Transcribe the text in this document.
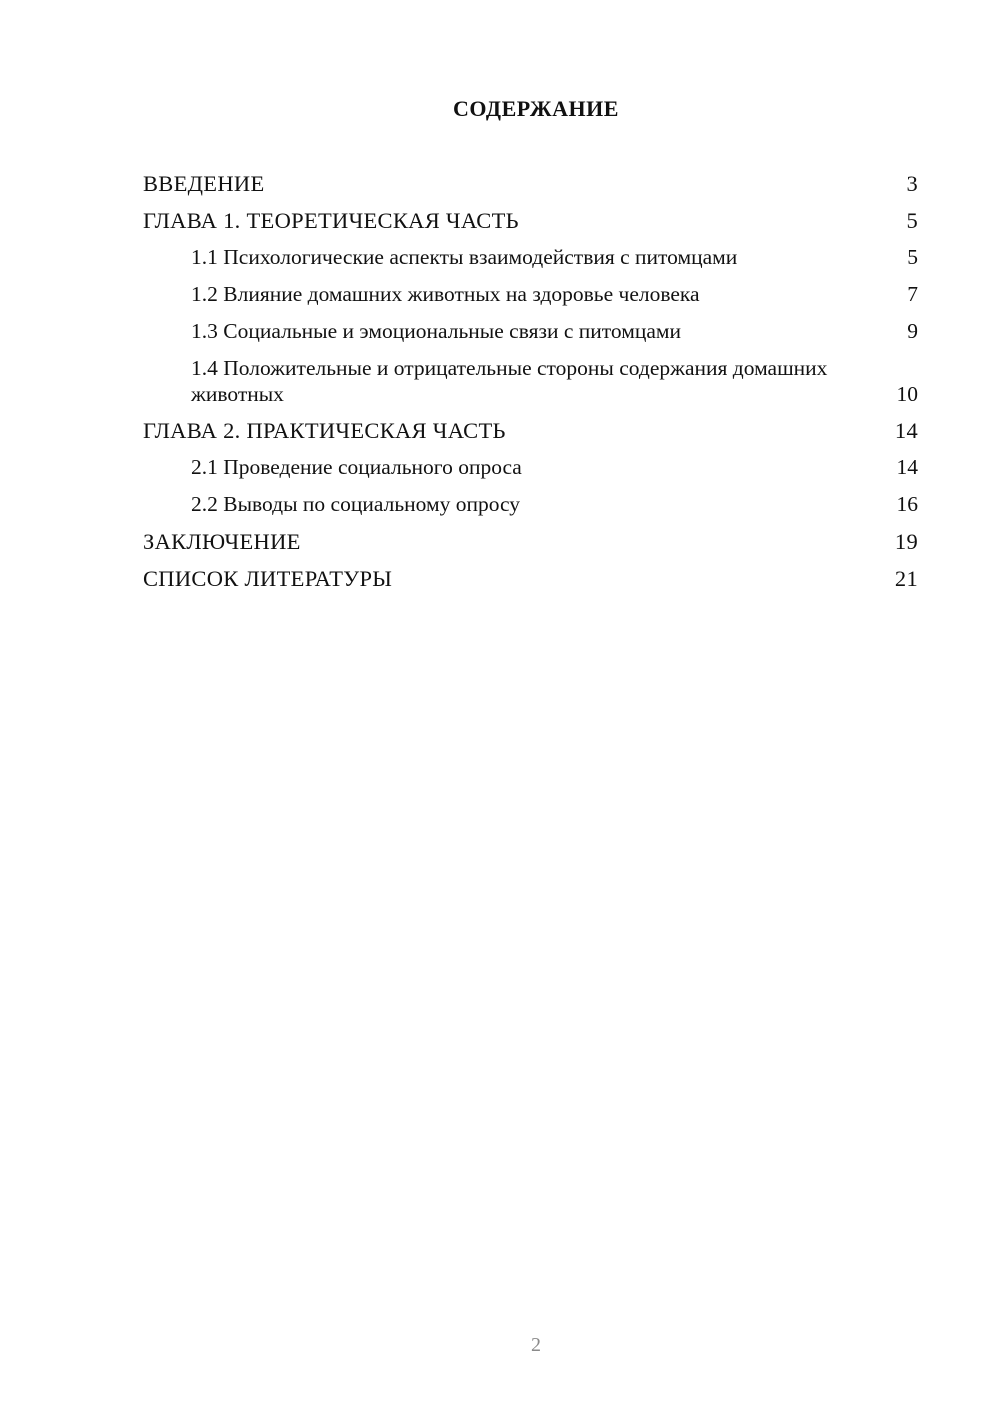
СОДЕРЖАНИЕ
ВВЕДЕНИЕ	3
ГЛАВА 1. ТЕОРЕТИЧЕСКАЯ ЧАСТЬ	5
1.1 Психологические аспекты взаимодействия с питомцами	5
1.2 Влияние домашних животных на здоровье человека	7
1.3 Социальные и эмоциональные связи с питомцами	9
1.4 Положительные и отрицательные стороны содержания домашних животных	10
ГЛАВА 2. ПРАКТИЧЕСКАЯ ЧАСТЬ	14
2.1 Проведение социального опроса	14
2.2 Выводы по социальному опросу	16
ЗАКЛЮЧЕНИЕ	19
СПИСОК ЛИТЕРАТУРЫ	21
2
